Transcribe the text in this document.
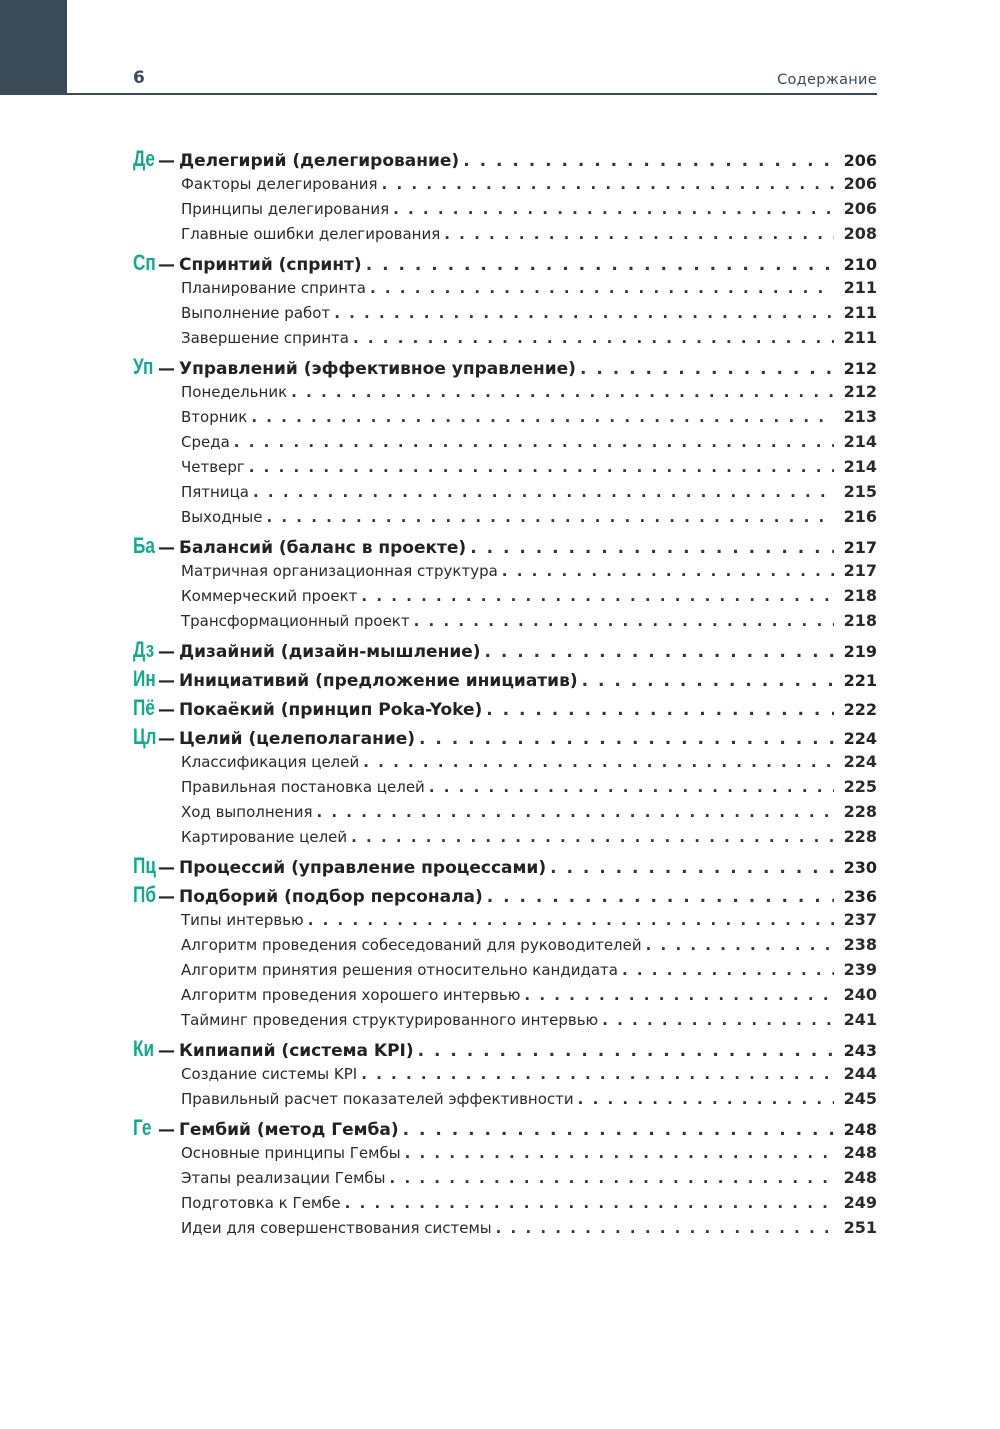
6	Содержание
Де — Делегирий (делегирование) . . .	206
Факторы делегирования . . .	206
Принципы делегирования . . .	206
Главные ошибки делегирования . . .	208
Сп — Спринтий (спринт) . . .	210
Планирование спринта . . .	211
Выполнение работ . . .	211
Завершение спринта . . .	211
Уп — Управлений (эффективное управление) . . .	212
Понедельник . . .	212
Вторник . . .	213
Среда . . .	214
Четверг . . .	214
Пятница . . .	215
Выходные . . .	216
Ба — Балансий (баланс в проекте) . . .	217
Матричная организационная структура . . .	217
Коммерческий проект . . .	218
Трансформационный проект . . .	218
Дз — Дизайний (дизайн-мышление) . . .	219
Ин — Инициативий (предложение инициатив) . . .	221
Пё — Покаёкий (принцип Poka-Yoke) . . .	222
Цл — Целий (целеполагание) . . .	224
Классификация целей . . .	224
Правильная постановка целей . . .	225
Ход выполнения . . .	228
Картирование целей . . .	228
Пц — Процессий (управление процессами) . . .	230
Пб — Подборий (подбор персонала) . . .	236
Типы интервью . . .	237
Алгоритм проведения собеседований для руководителей . . .	238
Алгоритм принятия решения относительно кандидата . . .	239
Алгоритм проведения хорошего интервью . . .	240
Тайминг проведения структурированного интервью . . .	241
Ки — Кипиапий (система KPI) . . .	243
Создание системы KPI . . .	244
Правильный расчет показателей эффективности . . .	245
Ге — Гембий (метод Гемба) . . .	248
Основные принципы Гембы . . .	248
Этапы реализации Гембы . . .	248
Подготовка к Гембе . . .	249
Идеи для совершенствования системы . . .	251
